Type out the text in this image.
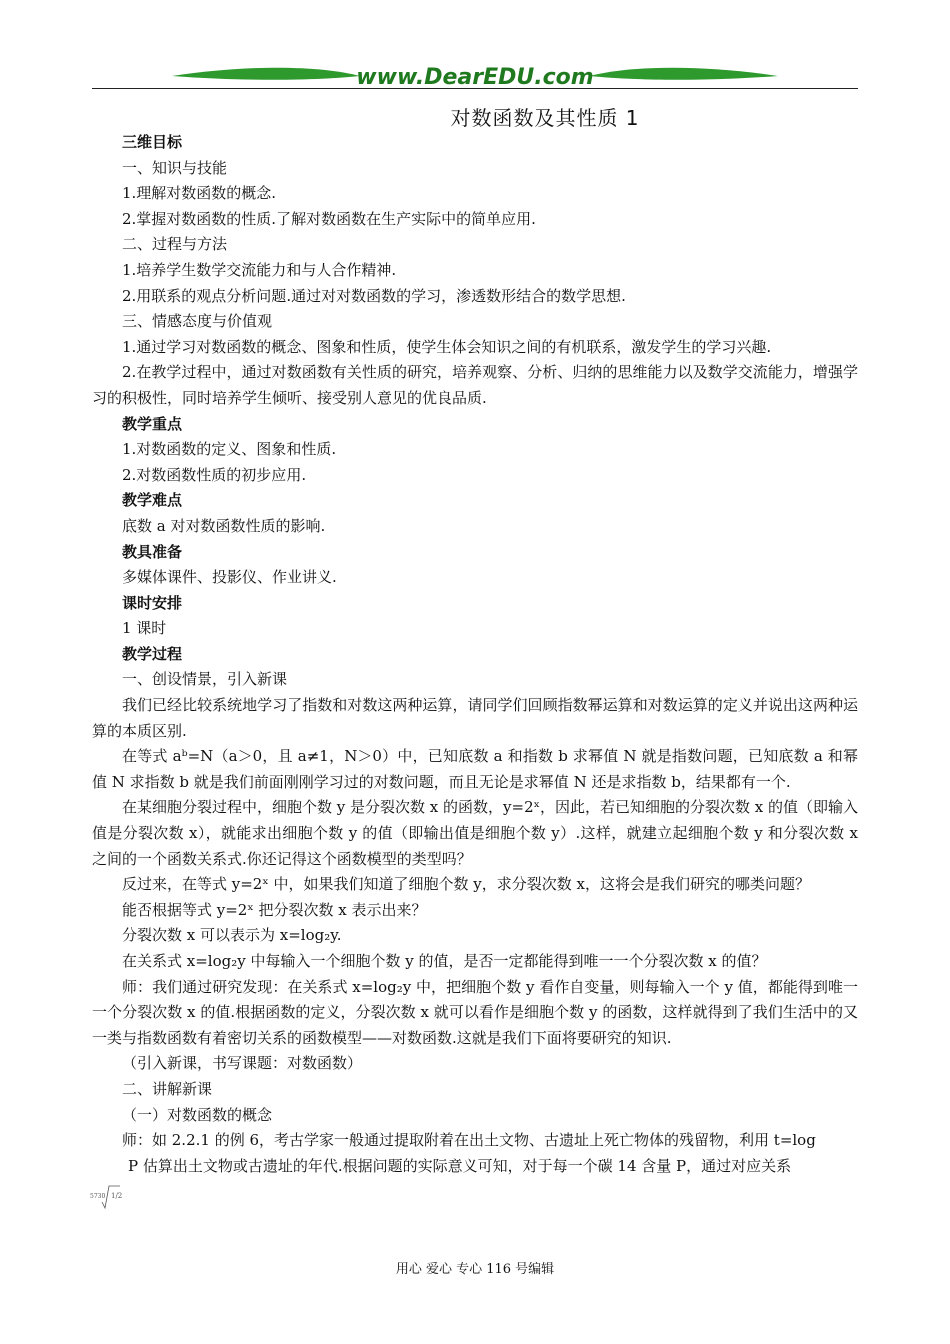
www.DearEDU.com
对数函数及其性质 1

三维目标

一、知识与技能

1.理解对数函数的概念.

2.掌握对数函数的性质.了解对数函数在生产实际中的简单应用.

二、过程与方法

1.培养学生数学交流能力和与人合作精神.

2.用联系的观点分析问题.通过对对数函数的学习，渗透数形结合的数学思想.

三、情感态度与价值观

1.通过学习对数函数的概念、图象和性质，使学生体会知识之间的有机联系，激发学生的学习兴趣.

2.在教学过程中，通过对数函数有关性质的研究，培养观察、分析、归纳的思维能力以及数学交流能力，增强学习的积极性，同时培养学生倾听、接受别人意见的优良品质.

教学重点

1.对数函数的定义、图象和性质.

2.对数函数性质的初步应用.

教学难点

底数 a 对对数函数性质的影响.

教具准备

多媒体课件、投影仪、作业讲义.

课时安排

1 课时

教学过程

一、创设情景，引入新课

我们已经比较系统地学习了指数和对数这两种运算，请同学们回顾指数幂运算和对数运算的定义并说出这两种运算的本质区别.

在等式 aᵇ=N（a＞0，且 a≠1，N＞0）中，已知底数 a 和指数 b 求幂值 N 就是指数问题，已知底数 a 和幂值 N 求指数 b 就是我们前面刚刚学习过的对数问题，而且无论是求幂值 N 还是求指数 b，结果都有一个.

在某细胞分裂过程中，细胞个数 y 是分裂次数 x 的函数，y=2ˣ，因此，若已知细胞的分裂次数 x 的值（即输入值是分裂次数 x），就能求出细胞个数 y 的值（即输出值是细胞个数 y）.这样，就建立起细胞个数 y 和分裂次数 x 之间的一个函数关系式.你还记得这个函数模型的类型吗？

反过来，在等式 y=2ˣ 中，如果我们知道了细胞个数 y，求分裂次数 x，这将会是我们研究的哪类问题？

能否根据等式 y=2ˣ 把分裂次数 x 表示出来？

分裂次数 x 可以表示为 x=log₂y.

在关系式 x=log₂y 中每输入一个细胞个数 y 的值，是否一定都能得到唯一一个分裂次数 x 的值？

师：我们通过研究发现：在关系式 x=log₂y 中，把细胞个数 y 看作自变量，则每输入一个 y 值，都能得到唯一一个分裂次数 x 的值.根据函数的定义，分裂次数 x 就可以看作是细胞个数 y 的函数，这样就得到了我们生活中的又一类与指数函数有着密切关系的函数模型——对数函数.这就是我们下面将要研究的知识.

（引入新课，书写课题：对数函数）

二、讲解新课

（一）对数函数的概念

师：如 2.2.1 的例 6，考古学家一般通过提取附着在出土文物、古遗址上死亡物体的残留物，利用 t=log

P 估算出土文物或古遗址的年代.根据问题的实际意义可知，对于每一个碳 14 含量 P，通过对应关系

5730 1/2
用心 爱心 专心 116 号编辑
